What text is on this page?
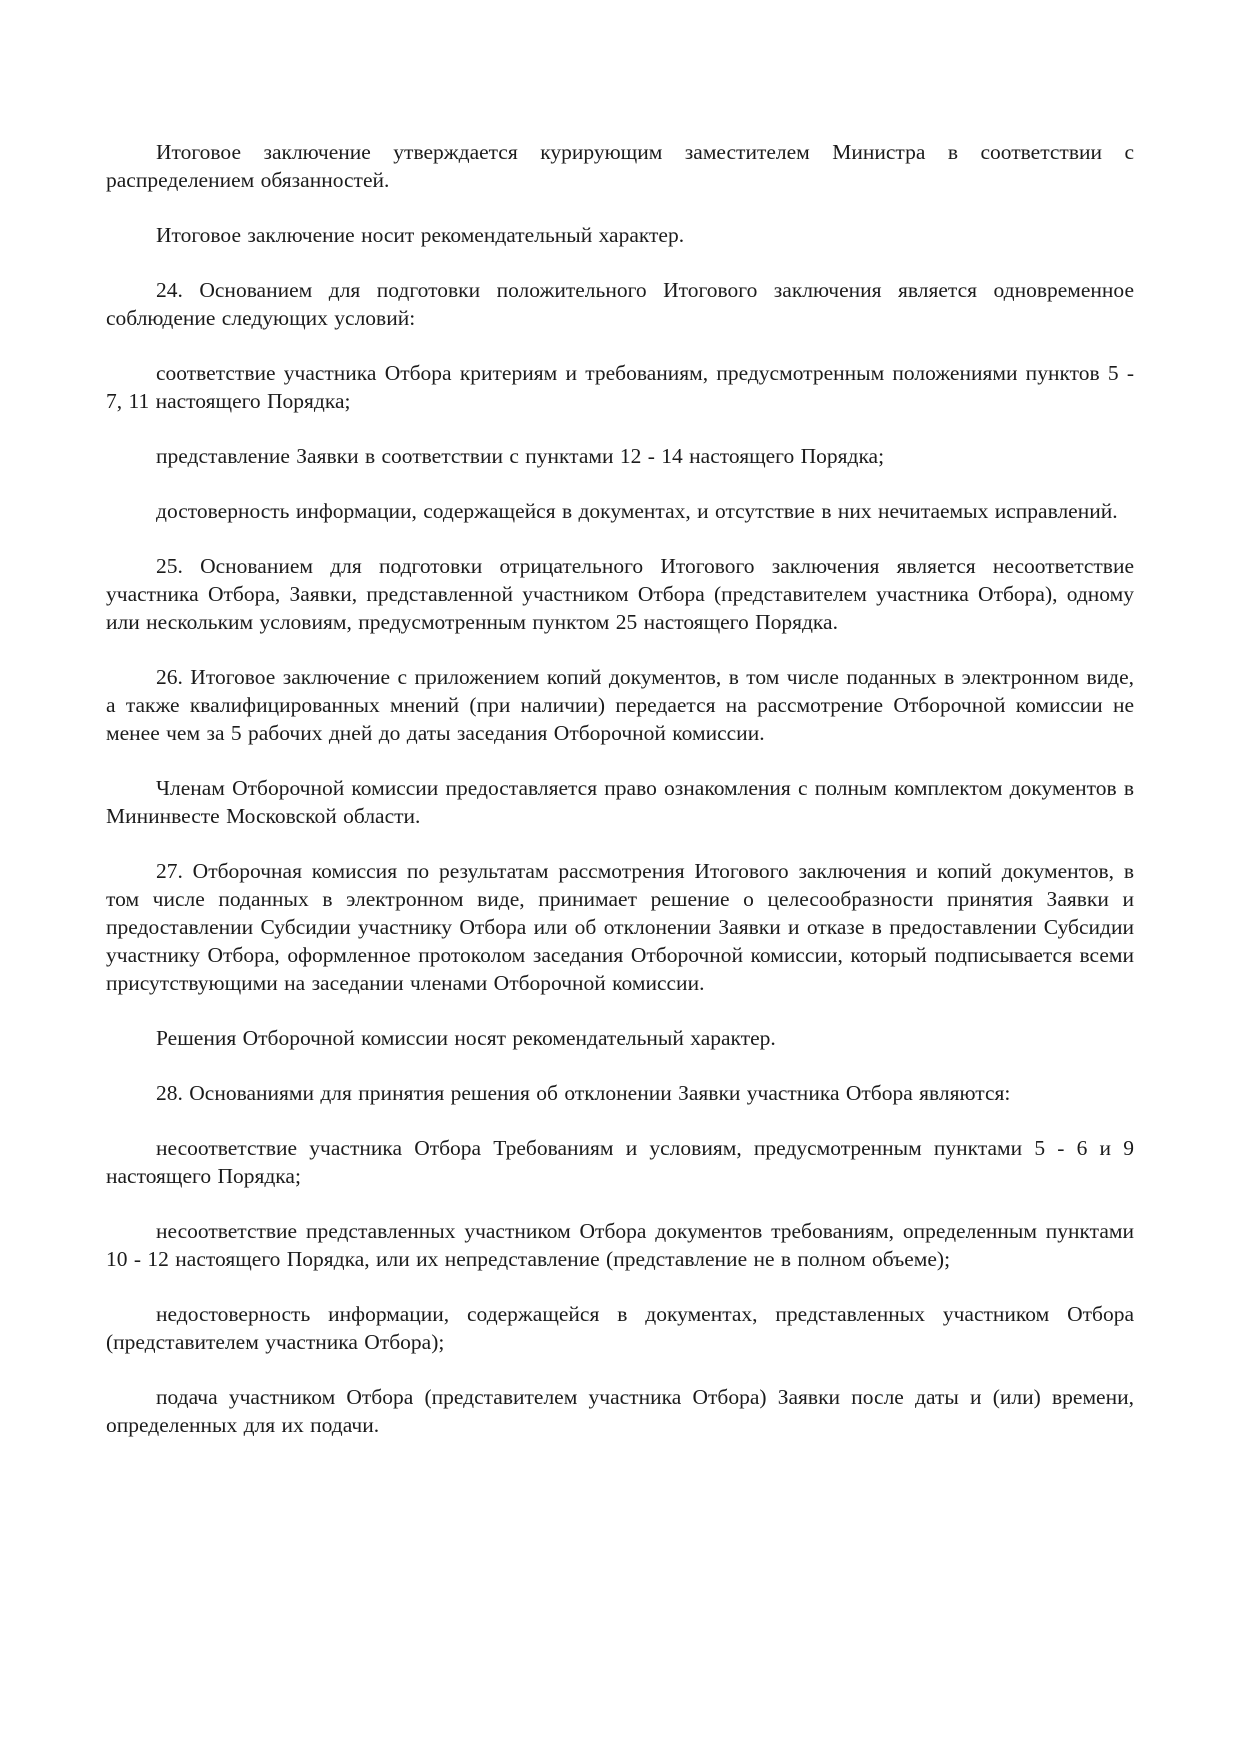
Итоговое заключение утверждается курирующим заместителем Министра в соответствии с распределением обязанностей.

Итоговое заключение носит рекомендательный характер.

24. Основанием для подготовки положительного Итогового заключения является одновременное соблюдение следующих условий:

соответствие участника Отбора критериям и требованиям, предусмотренным положениями пунктов 5 - 7, 11 настоящего Порядка;

представление Заявки в соответствии с пунктами 12 - 14 настоящего Порядка;

достоверность информации, содержащейся в документах, и отсутствие в них нечитаемых исправлений.

25. Основанием для подготовки отрицательного Итогового заключения является несоответствие участника Отбора, Заявки, представленной участником Отбора (представителем участника Отбора), одному или нескольким условиям, предусмотренным пунктом 25 настоящего Порядка.

26. Итоговое заключение с приложением копий документов, в том числе поданных в электронном виде, а также квалифицированных мнений (при наличии) передается на рассмотрение Отборочной комиссии не менее чем за 5 рабочих дней до даты заседания Отборочной комиссии.

Членам Отборочной комиссии предоставляется право ознакомления с полным комплектом документов в Мининвесте Московской области.

27. Отборочная комиссия по результатам рассмотрения Итогового заключения и копий документов, в том числе поданных в электронном виде, принимает решение о целесообразности принятия Заявки и предоставлении Субсидии участнику Отбора или об отклонении Заявки и отказе в предоставлении Субсидии участнику Отбора, оформленное протоколом заседания Отборочной комиссии, который подписывается всеми присутствующими на заседании членами Отборочной комиссии.

Решения Отборочной комиссии носят рекомендательный характер.

28. Основаниями для принятия решения об отклонении Заявки участника Отбора являются:

несоответствие участника Отбора Требованиям и условиям, предусмотренным пунктами 5 - 6 и 9 настоящего Порядка;

несоответствие представленных участником Отбора документов требованиям, определенным пунктами 10 - 12 настоящего Порядка, или их непредставление (представление не в полном объеме);

недостоверность информации, содержащейся в документах, представленных участником Отбора (представителем участника Отбора);

подача участником Отбора (представителем участника Отбора) Заявки после даты и (или) времени, определенных для их подачи.
